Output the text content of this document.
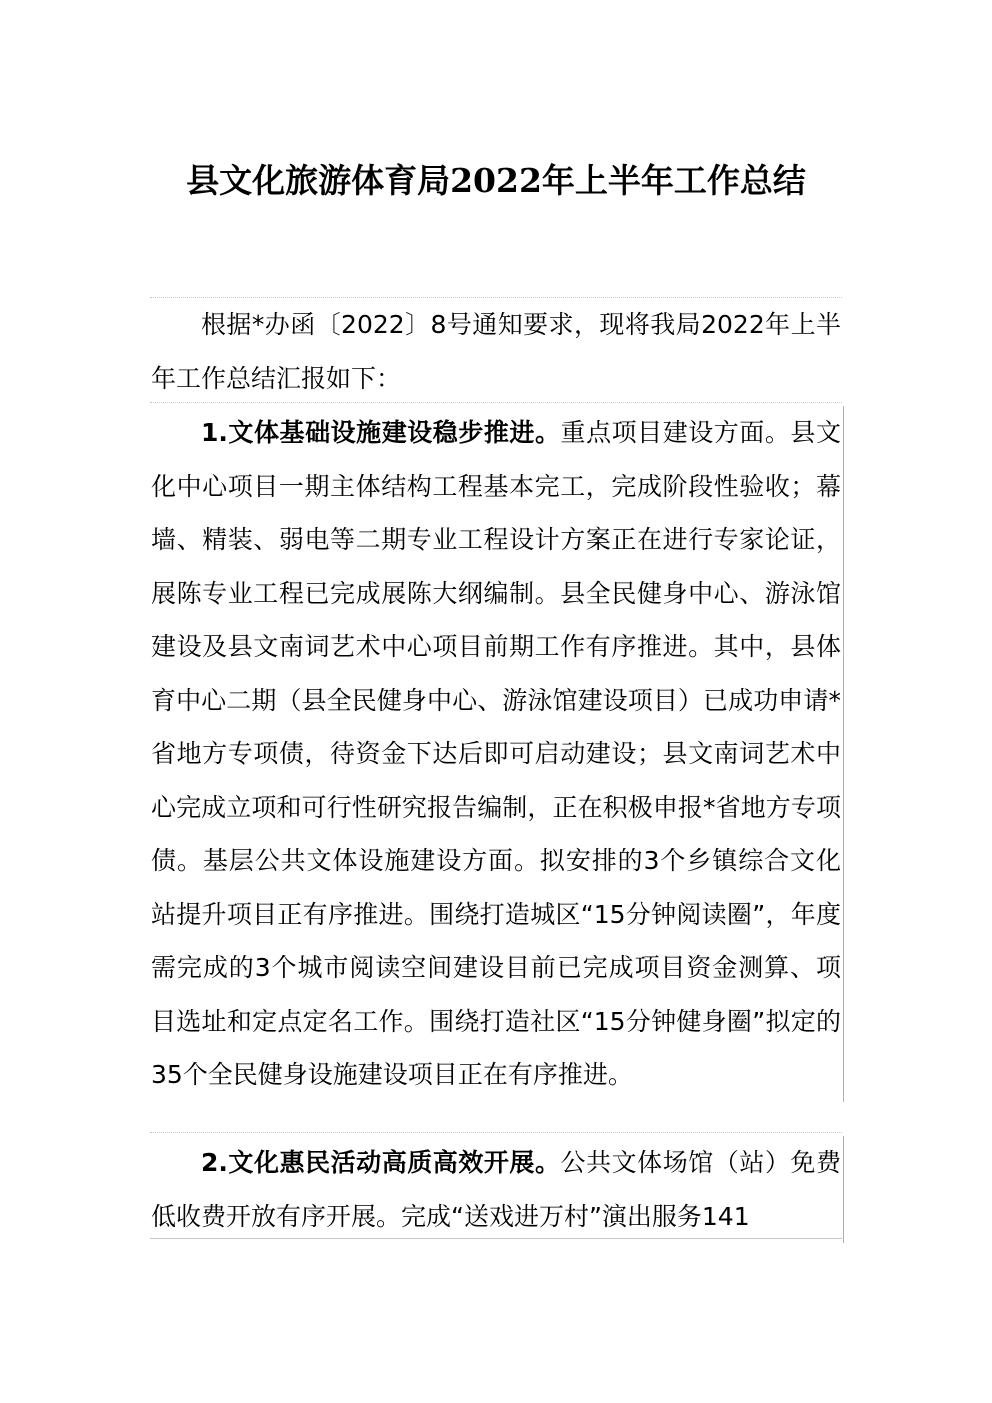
县文化旅游体育局2022年上半年工作总结

根据*办函〔2022〕8号通知要求，现将我局2022年上半年工作总结汇报如下：

1.文体基础设施建设稳步推进。重点项目建设方面。县文化中心项目一期主体结构工程基本完工，完成阶段性验收；幕墙、精装、弱电等二期专业工程设计方案正在进行专家论证，展陈专业工程已完成展陈大纲编制。县全民健身中心、游泳馆建设及县文南词艺术中心项目前期工作有序推进。其中，县体育中心二期（县全民健身中心、游泳馆建设项目）已成功申请*省地方专项债，待资金下达后即可启动建设；县文南词艺术中心完成立项和可行性研究报告编制，正在积极申报*省地方专项债。基层公共文体设施建设方面。拟安排的3个乡镇综合文化站提升项目正有序推进。围绕打造城区“15分钟阅读圈”，年度需完成的3个城市阅读空间建设目前已完成项目资金测算、项目选址和定点定名工作。围绕打造社区“15分钟健身圈”拟定的35个全民健身设施建设项目正在有序推进。

2.文化惠民活动高质高效开展。公共文体场馆（站）免费低收费开放有序开展。完成“送戏进万村”演出服务141
